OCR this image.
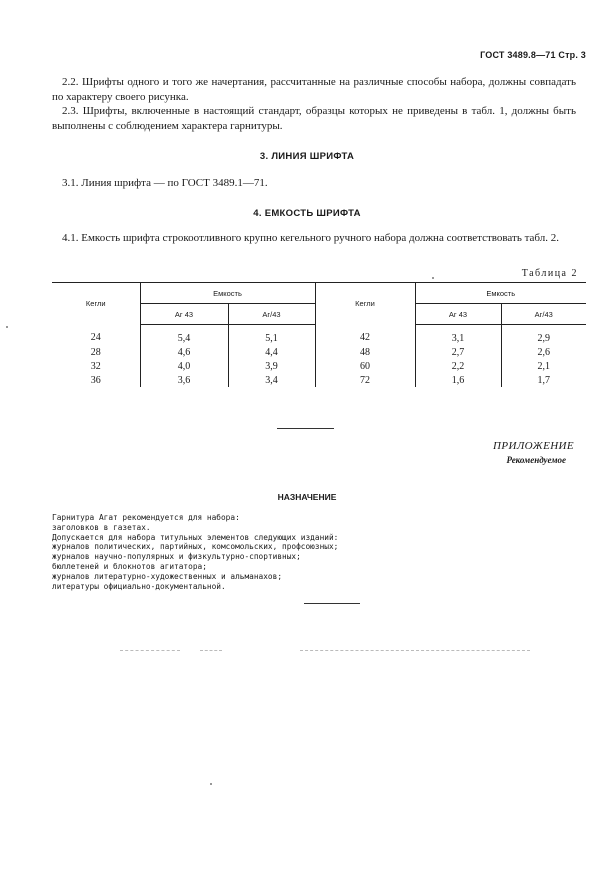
ГОСТ 3489.8—71 Стр. 3
2.2. Шрифты одного и того же начертания, рассчитанные на различные способы набора, должны совпадать по характеру своего рисунка.
2.3. Шрифты, включенные в настоящий стандарт, образцы которых не приведены в табл. 1, должны быть выполнены с соблюдением характера гарнитуры.
3. ЛИНИЯ ШРИФТА
3.1. Линия шрифта — по ГОСТ 3489.1—71.
4. ЕМКОСТЬ ШРИФТА
4.1. Емкость шрифта строкоотливного крупно кегельного ручного набора должна соответствовать табл. 2.
Таблица 2
Кегли	Емкость		Кегли	Емкость	
	Аг 43	Аг/43		Аг 43	Аг/43
24	5,4	5,1	42	3,1	2,9
28	4,6	4,4	48	2,7	2,6
32	4,0	3,9	60	2,2	2,1
36	3,6	3,4	72	1,6	1,7
ПРИЛОЖЕНИЕ
Рекомендуемое
НАЗНАЧЕНИЕ
Гарнитура Агат рекомендуется для набора:
заголовков в газетах.
Допускается для набора титульных элементов следующих изданий:
журналов политических, партийных, комсомольских, профсоюзных;
журналов научно-популярных и физкультурно-спортивных;
бюллетеней и блокнотов агитатора;
журналов литературно-художественных и альманахов;
литературы официально-документальной.
